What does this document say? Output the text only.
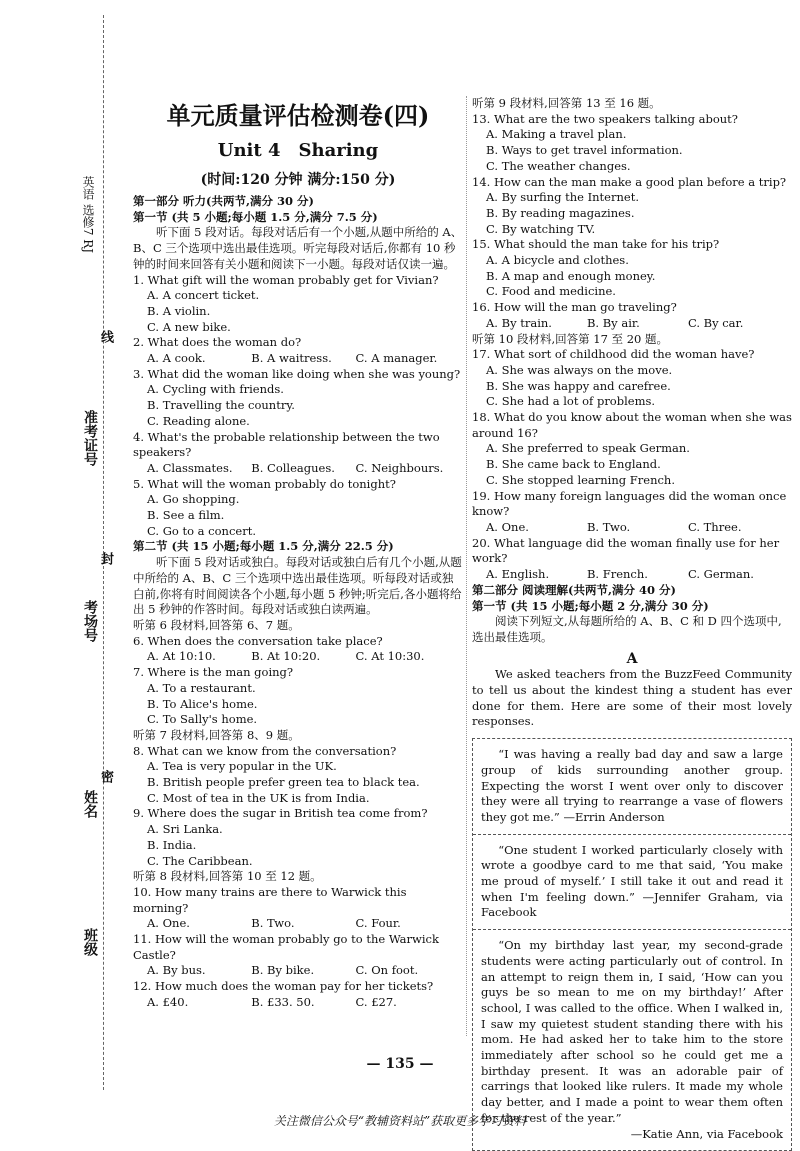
英语 选修7 RJ
线
准考证号
封
考场号
密
姓名
班级
单元质量评估检测卷(四)
Unit 4 Sharing
(时间:120 分钟 满分:150 分)
第一部分 听力(共两节,满分 30 分)
第一节 (共 5 小题;每小题 1.5 分,满分 7.5 分)
听下面 5 段对话。每段对话后有一个小题,从题中所给的 A、B、C 三个选项中选出最佳选项。听完每段对话后,你都有 10 秒钟的时间来回答有关小题和阅读下一小题。每段对话仅读一遍。
1. What gift will the woman probably get for Vivian?
A. A concert ticket.
B. A violin.
C. A new bike.
2. What does the woman do?
A. A cook.	B. A waitress.	C. A manager.
3. What did the woman like doing when she was young?
A. Cycling with friends.
B. Travelling the country.
C. Reading alone.
4. What's the probable relationship between the two speakers?
A. Classmates.	B. Colleagues.	C. Neighbours.
5. What will the woman probably do tonight?
A. Go shopping.
B. See a film.
C. Go to a concert.
第二节 (共 15 小题;每小题 1.5 分,满分 22.5 分)
听下面 5 段对话或独白。每段对话或独白后有几个小题,从题中所给的 A、B、C 三个选项中选出最佳选项。听每段对话或独白前,你将有时间阅读各个小题,每小题 5 秒钟;听完后,各小题将给出 5 秒钟的作答时间。每段对话或独白读两遍。
听第 6 段材料,回答第 6、7 题。
6. When does the conversation take place?
A. At 10:10.	B. At 10:20.	C. At 10:30.
7. Where is the man going?
A. To a restaurant.
B. To Alice's home.
C. To Sally's home.
听第 7 段材料,回答第 8、9 题。
8. What can we know from the conversation?
A. Tea is very popular in the UK.
B. British people prefer green tea to black tea.
C. Most of tea in the UK is from India.
9. Where does the sugar in British tea come from?
A. Sri Lanka.
B. India.
C. The Caribbean.
听第 8 段材料,回答第 10 至 12 题。
10. How many trains are there to Warwick this morning?
A. One.	B. Two.	C. Four.
11. How will the woman probably go to the Warwick Castle?
A. By bus.	B. By bike.	C. On foot.
12. How much does the woman pay for her tickets?
A. £40.	B. £33. 50.	C. £27.
听第 9 段材料,回答第 13 至 16 题。
13. What are the two speakers talking about?
A. Making a travel plan.
B. Ways to get travel information.
C. The weather changes.
14. How can the man make a good plan before a trip?
A. By surfing the Internet.
B. By reading magazines.
C. By watching TV.
15. What should the man take for his trip?
A. A bicycle and clothes.
B. A map and enough money.
C. Food and medicine.
16. How will the man go traveling?
A. By train.	B. By air.	C. By car.
听第 10 段材料,回答第 17 至 20 题。
17. What sort of childhood did the woman have?
A. She was always on the move.
B. She was happy and carefree.
C. She had a lot of problems.
18. What do you know about the woman when she was around 16?
A. She preferred to speak German.
B. She came back to England.
C. She stopped learning French.
19. How many foreign languages did the woman once know?
A. One.	B. Two.	C. Three.
20. What language did the woman finally use for her work?
A. English.	B. French.	C. German.
第二部分 阅读理解(共两节,满分 40 分)
第一节 (共 15 小题;每小题 2 分,满分 30 分)
阅读下列短文,从每题所给的 A、B、C 和 D 四个选项中,选出最佳选项。
A
We asked teachers from the BuzzFeed Community to tell us about the kindest thing a student has ever done for them. Here are some of their most lovely responses.
“I was having a really bad day and saw a large group of kids surrounding another group. Expecting the worst I went over only to discover they were all trying to rearrange a vase of flowers they got me.” —Errin Anderson
“One student I worked particularly closely with wrote a goodbye card to me that said, ‘You make me proud of myself.’ I still take it out and read it when I'm feeling down.” —Jennifer Graham, via Facebook
“On my birthday last year, my second-grade students were acting particularly out of control. In an attempt to reign them in, I said, ‘How can you guys be so mean to me on my birthday!’ After school, I was called to the office. When I walked in, I saw my quietest student standing there with his mom. He had asked her to take him to the store immediately after school so he could get me a birthday present. It was an adorable pair of carrings that looked like rulers. It made my whole day better, and I made a point to wear them often for the rest of the year.”
—Katie Ann, via Facebook
— 135 —
关注微信公众号“教辅资料站”获取更多学习资料
